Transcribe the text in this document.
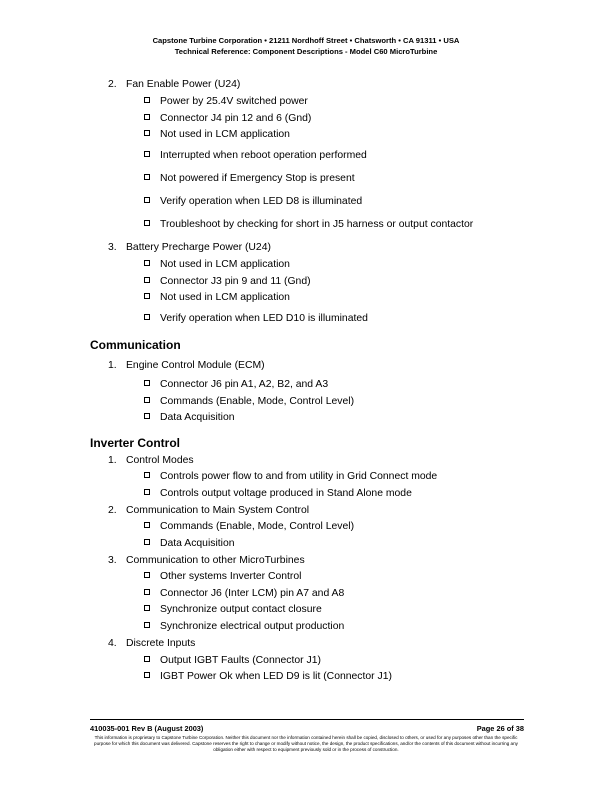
Capstone Turbine Corporation • 21211 Nordhoff Street • Chatsworth • CA 91311 • USA
Technical Reference: Component Descriptions - Model C60 MicroTurbine
2. Fan Enable Power (U24)
Power by 25.4V switched power
Connector J4 pin 12 and 6 (Gnd)
Not used in LCM application
Interrupted when reboot operation performed
Not powered if Emergency Stop is present
Verify operation when LED D8 is illuminated
Troubleshoot by checking for short in J5 harness or output contactor
3. Battery Precharge Power (U24)
Not used in LCM application
Connector J3 pin 9 and 11 (Gnd)
Not used in LCM application
Verify operation when LED D10 is illuminated
Communication
1. Engine Control Module (ECM)
Connector J6 pin A1, A2, B2, and A3
Commands (Enable, Mode, Control Level)
Data Acquisition
Inverter Control
1. Control Modes
Controls power flow to and from utility in Grid Connect mode
Controls output voltage produced in Stand Alone mode
2. Communication to Main System Control
Commands (Enable, Mode, Control Level)
Data Acquisition
3. Communication to other MicroTurbines
Other systems Inverter Control
Connector J6 (Inter LCM) pin A7 and A8
Synchronize output contact closure
Synchronize electrical output production
4. Discrete Inputs
Output IGBT Faults (Connector J1)
IGBT Power Ok when LED D9 is lit (Connector J1)
410035-001 Rev B (August 2003)	Page 26 of 38
This information is proprietary to Capstone Turbine Corporation. Neither this document nor the information contained herein shall be copied, disclosed to others, or used for any purposes other than the specific purpose for which this document was delivered. Capstone reserves the right to change or modify without notice, the design, the product specifications, and/or the contents of this document without incurring any obligation either with respect to equipment previously sold or in the process of construction.
